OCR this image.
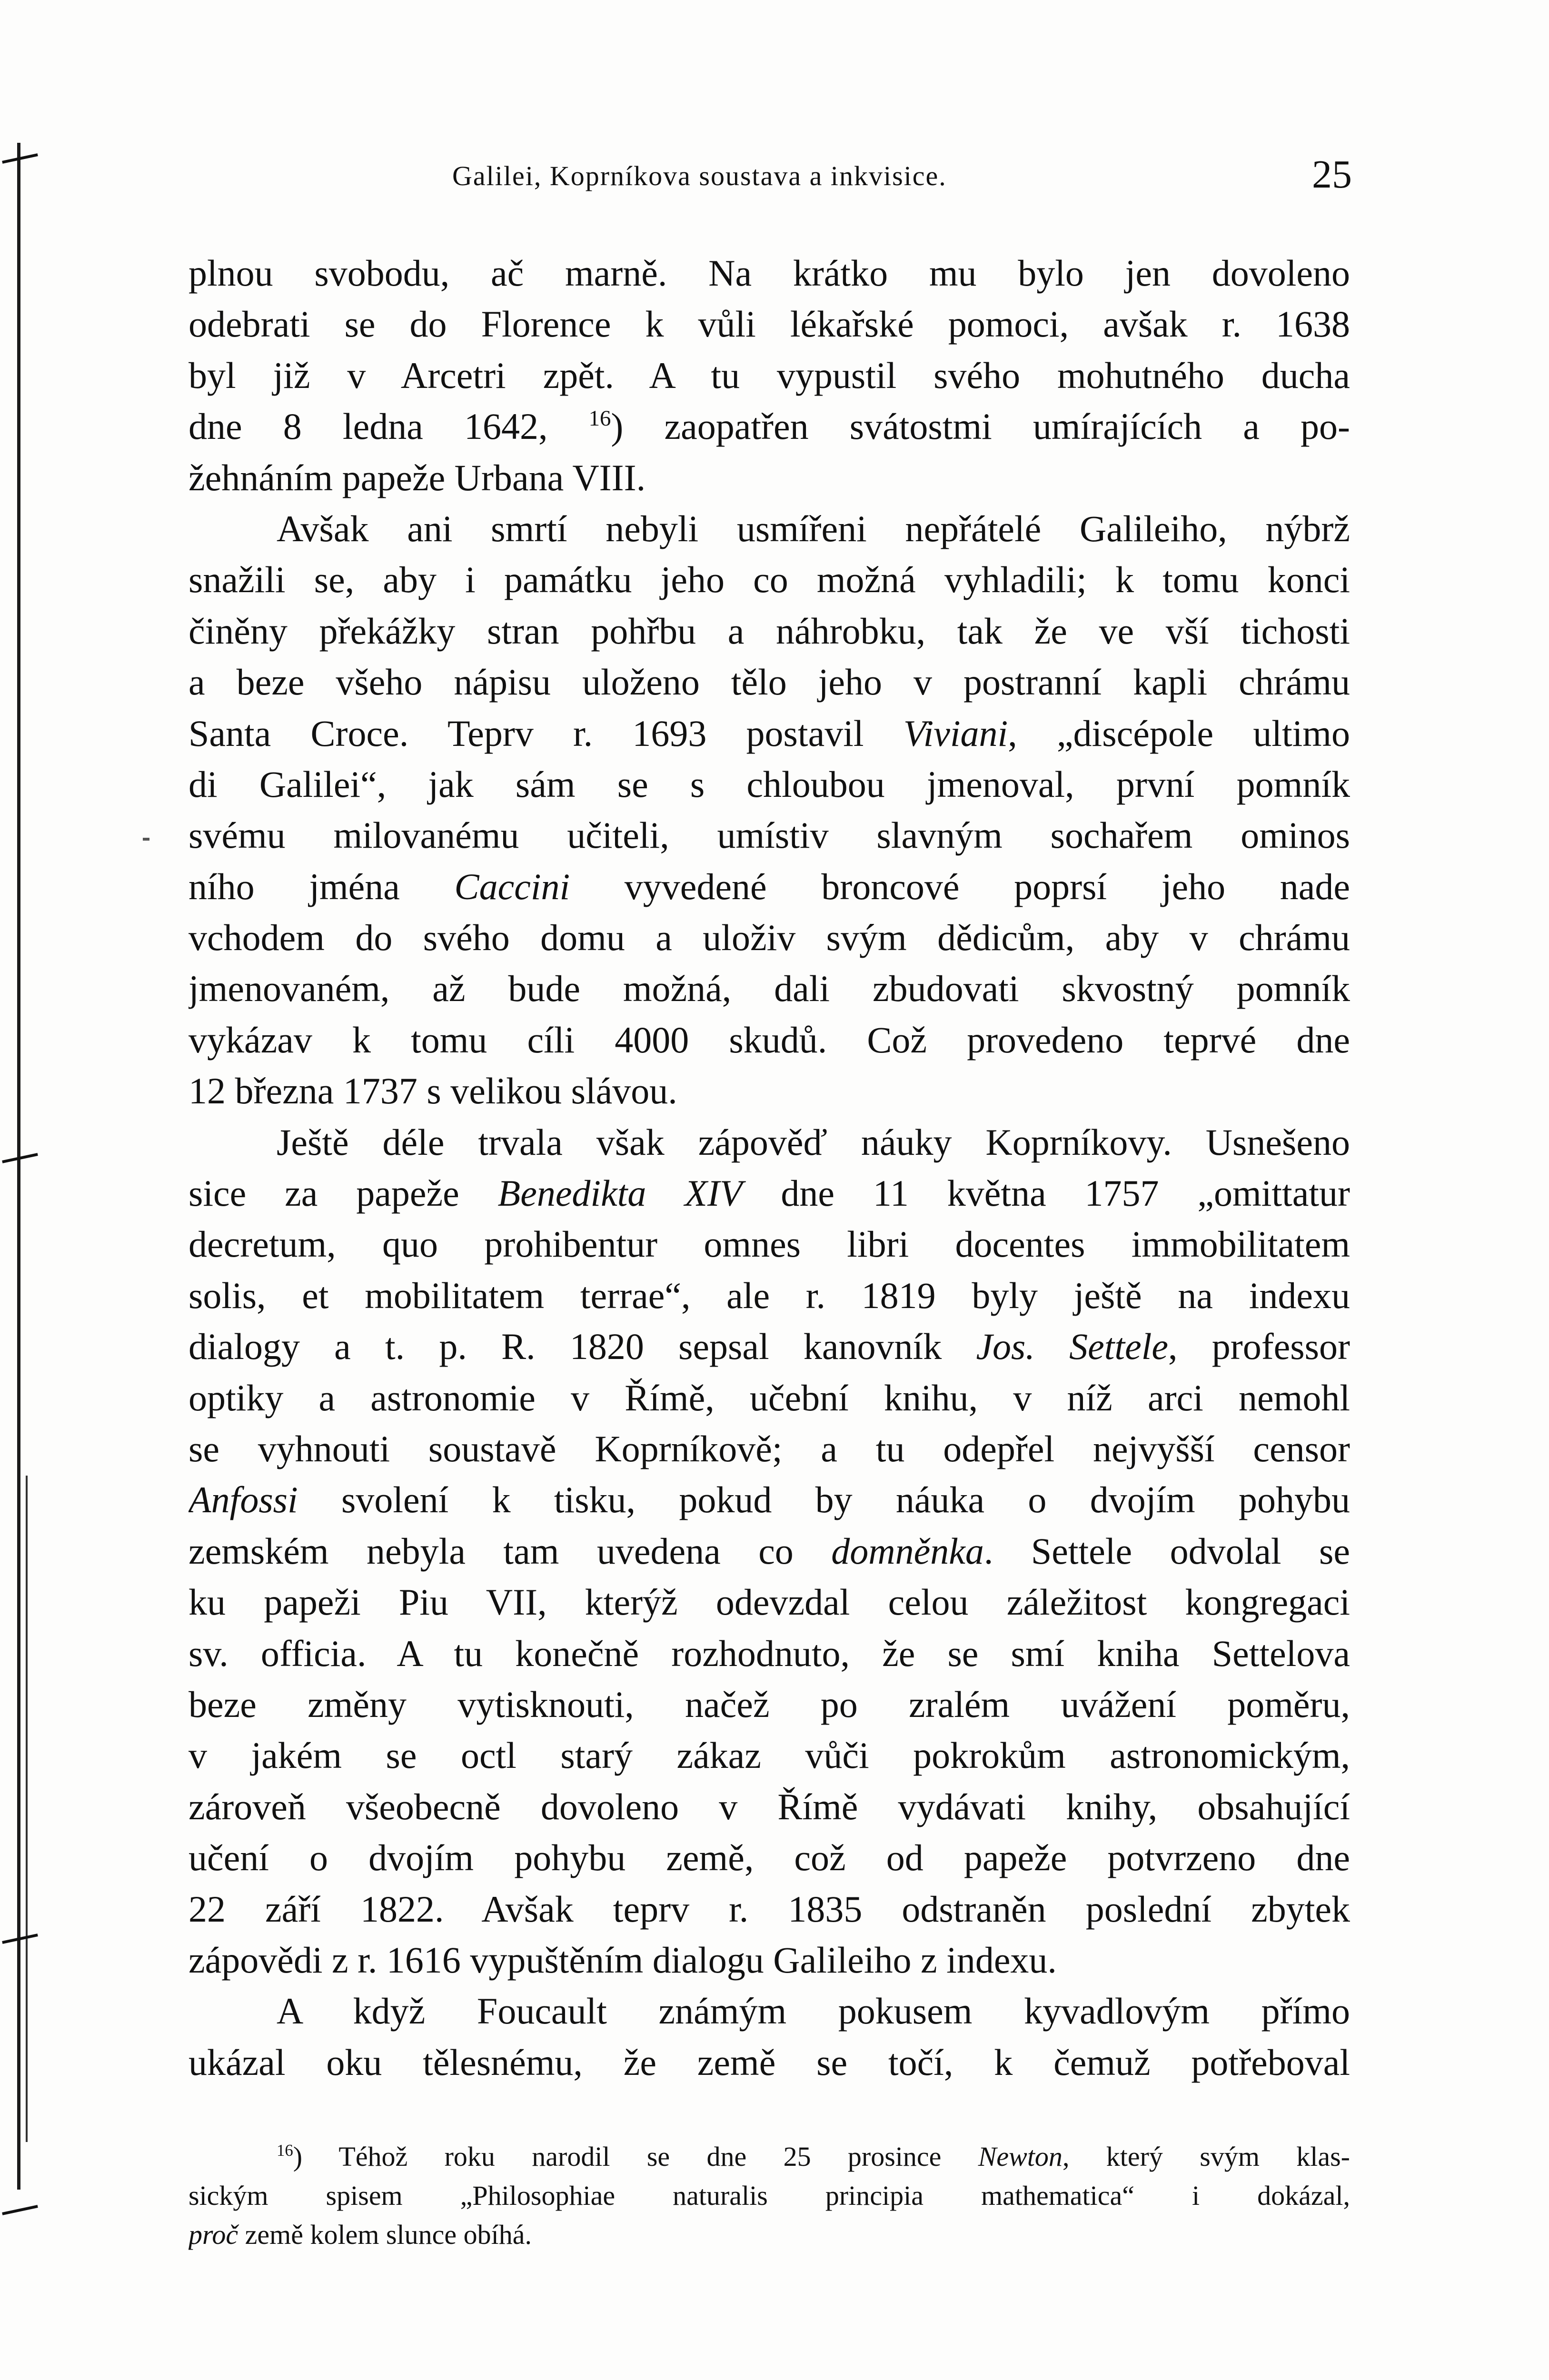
Galilei, Koprníkova soustava a inkvisice.	25
plnou svobodu, ač marně. Na krátko mu bylo jen dovoleno
odebrati se do Florence k vůli lékařské pomoci, avšak r. 1638
byl již v Arcetri zpět. A tu vypustil svého mohutného ducha
dne 8 ledna 1642, $^{16}$) zaopatřen svátostmi umírajících a po-
žehnáním papeže Urbana VIII.
Avšak ani smrtí nebyli usmířeni nepřátelé Galileiho, nýbrž
snažili se, aby i památku jeho co možná vyhladili; k tomu konci
činěny překážky stran pohřbu a náhrobku, tak že ve vší tichosti
a beze všeho nápisu uloženo tělo jeho v postranní kapli chrámu
Santa Croce. Teprv r. 1693 postavil Viviani, „discépole ultimo
di Galilei“, jak sám se s chloubou jmenoval, první pomník
svému milovanému učiteli, umístiv slavným sochařem ominos
ního jména Caccini vyvedené broncové poprsí jeho nade
vchodem do svého domu a uloživ svým dědicům, aby v chrámu
jmenovaném, až bude možná, dali zbudovati skvostný pomník
vykázav k tomu cíli 4000 skudů. Což provedeno teprvé dne
12 března 1737 s velikou slávou.
Ještě déle trvala však zápověď náuky Koprníkovy. Usnešeno
sice za papeže Benedikta XIV dne 11 května 1757 „omittatur
decretum, quo prohibentur omnes libri docentes immobilitatem
solis, et mobilitatem terrae“, ale r. 1819 byly ještě na indexu
dialogy a t. p. R. 1820 sepsal kanovník Jos. Settele, professor
optiky a astronomie v Římě, učební knihu, v níž arci nemohl
se vyhnouti soustavě Koprníkově; a tu odepřel nejvyšší censor
Anfossi svolení k tisku, pokud by náuka o dvojím pohybu
zemském nebyla tam uvedena co domněnka. Settele odvolal se
ku papeži Piu VII, kterýž odevzdal celou záležitost kongregaci
sv. officia. A tu konečně rozhodnuto, že se smí kniha Settelova
beze změny vytisknouti, načež po zralém uvážení poměru,
v jakém se octl starý zákaz vůči pokrokům astronomickým,
zároveň všeobecně dovoleno v Římě vydávati knihy, obsahující
učení o dvojím pohybu země, což od papeže potvrzeno dne
22 září 1822. Avšak teprv r. 1835 odstraněn poslední zbytek
zápovědi z r. 1616 vypuštěním dialogu Galileiho z indexu.
A když Foucault známým pokusem kyvadlovým přímo
ukázal oku tělesnému, že země se točí, k čemuž potřeboval
$^{16}$) Téhož roku narodil se dne 25 prosince Newton, který svým klas-
sickým spisem „Philosophiae naturalis principia mathematica“ i dokázal,
proč země kolem slunce obíhá.
